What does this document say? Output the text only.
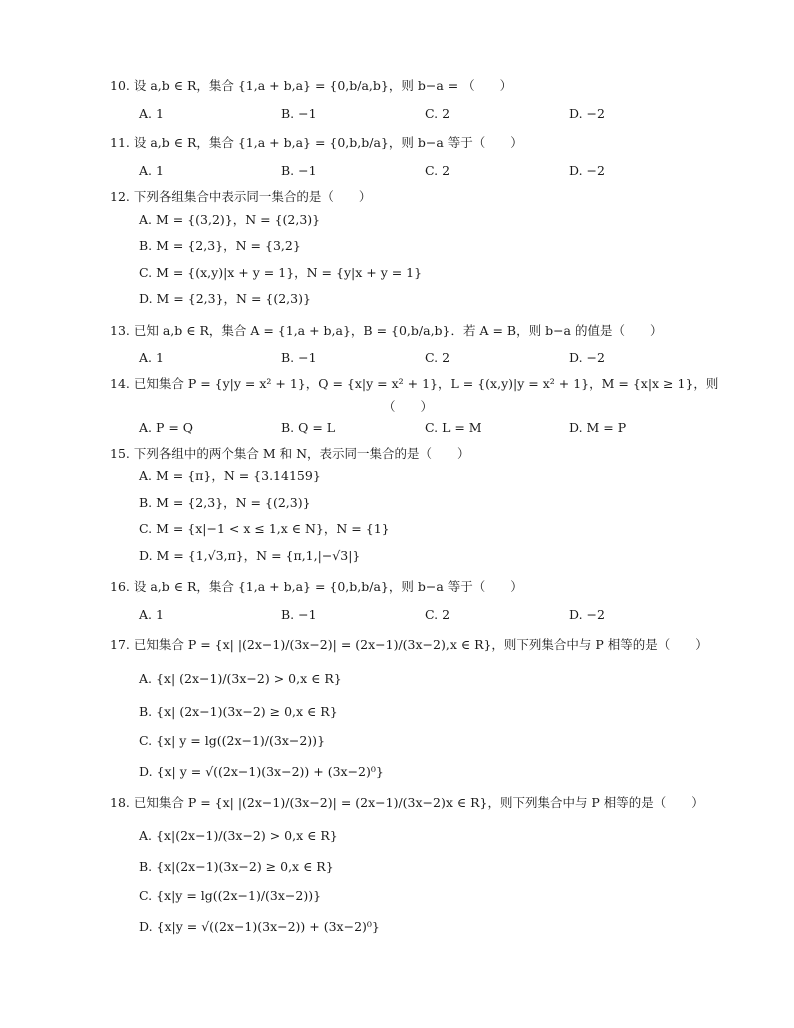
10. 设 a,b ∈ R，集合 {1,a + b,a} = {0,b/a,b}，则 b−a = （　　）
A. 1	B. −1	C. 2	D. −2
11. 设 a,b ∈ R，集合 {1,a + b,a} = {0,b,b/a}，则 b−a 等于（　　）
A. 1	B. −1	C. 2	D. −2
12. 下列各组集合中表示同一集合的是（　　）
A. M = {(3,2)}，N = {(2,3)}
B. M = {2,3}，N = {3,2}
C. M = {(x,y)|x + y = 1}，N = {y|x + y = 1}
D. M = {2,3}，N = {(2,3)}
13. 已知 a,b ∈ R，集合 A = {1,a + b,a}，B = {0,b/a,b}．若 A = B，则 b−a 的值是（　　）
A. 1	B. −1	C. 2	D. −2
14. 已知集合 P = {y|y = x² + 1}，Q = {x|y = x² + 1}，L = {(x,y)|y = x² + 1}，M = {x|x ≥ 1}，则
（　　）
A. P = Q	B. Q = L	C. L = M	D. M = P
15. 下列各组中的两个集合 M 和 N，表示同一集合的是（　　）
A. M = {π}，N = {3.14159}
B. M = {2,3}，N = {(2,3)}
C. M = {x|−1 < x ≤ 1,x ∈ N}，N = {1}
D. M = {1,√3,π}，N = {π,1,|−√3|}
16. 设 a,b ∈ R，集合 {1,a + b,a} = {0,b,b/a}，则 b−a 等于（　　）
A. 1	B. −1	C. 2	D. −2
17. 已知集合 P = {x| |(2x−1)/(3x−2)| = (2x−1)/(3x−2),x ∈ R}，则下列集合中与 P 相等的是（　　）
A. {x| (2x−1)/(3x−2) > 0,x ∈ R}
B. {x| (2x−1)(3x−2) ≥ 0,x ∈ R}
C. {x| y = lg((2x−1)/(3x−2))}
D. {x| y = √((2x−1)(3x−2)) + (3x−2)⁰}
18. 已知集合 P = {x| |(2x−1)/(3x−2)| = (2x−1)/(3x−2)x ∈ R}，则下列集合中与 P 相等的是（　　）
A. {x|(2x−1)/(3x−2) > 0,x ∈ R}
B. {x|(2x−1)(3x−2) ≥ 0,x ∈ R}
C. {x|y = lg((2x−1)/(3x−2))}
D. {x|y = √((2x−1)(3x−2)) + (3x−2)⁰}
